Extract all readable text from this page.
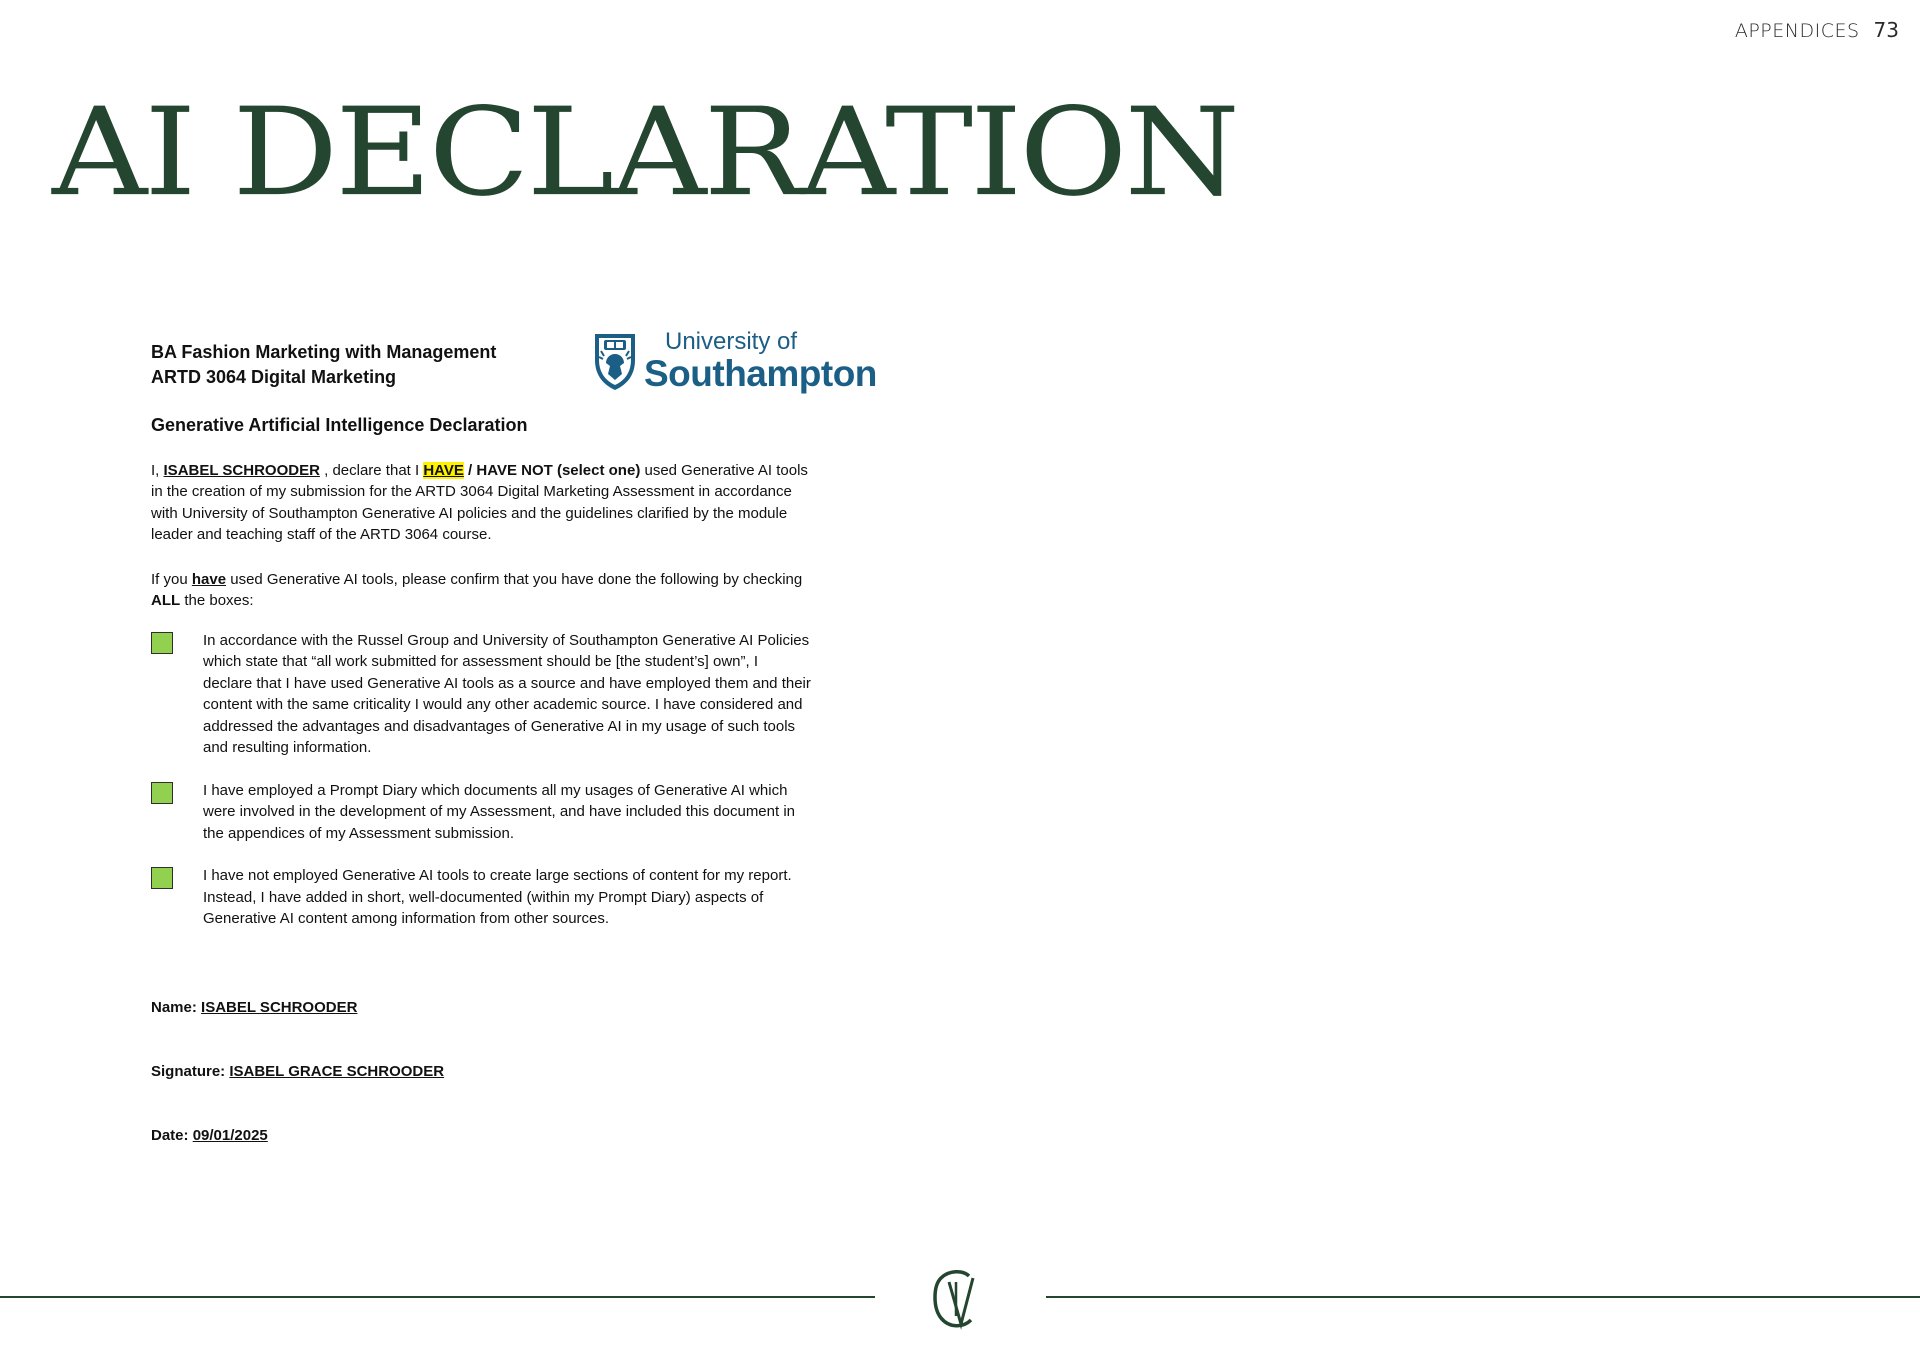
APPENDICES 73
AI DECLARATION
University of
Southampton
BA Fashion Marketing with Management
ARTD 3064 Digital Marketing
Generative Artificial Intelligence Declaration
I, ISABEL SCHROODER , declare that I HAVE / HAVE NOT (select one) used Generative AI tools in the creation of my submission for the ARTD 3064 Digital Marketing Assessment in accordance with University of Southampton Generative AI policies and the guidelines clarified by the module leader and teaching staff of the ARTD 3064 course.
If you have used Generative AI tools, please confirm that you have done the following by checking ALL the boxes:
In accordance with the Russel Group and University of Southampton Generative AI Policies which state that “all work submitted for assessment should be [the student’s] own”, I declare that I have used Generative AI tools as a source and have employed them and their content with the same criticality I would any other academic source. I have considered and addressed the advantages and disadvantages of Generative AI in my usage of such tools and resulting information.
I have employed a Prompt Diary which documents all my usages of Generative AI which were involved in the development of my Assessment, and have included this document in the appendices of my Assessment submission.
I have not employed Generative AI tools to create large sections of content for my report. Instead, I have added in short, well-documented (within my Prompt Diary) aspects of Generative AI content among information from other sources.
Name: ISABEL SCHROODER
Signature: ISABEL GRACE SCHROODER
Date: 09/01/2025
